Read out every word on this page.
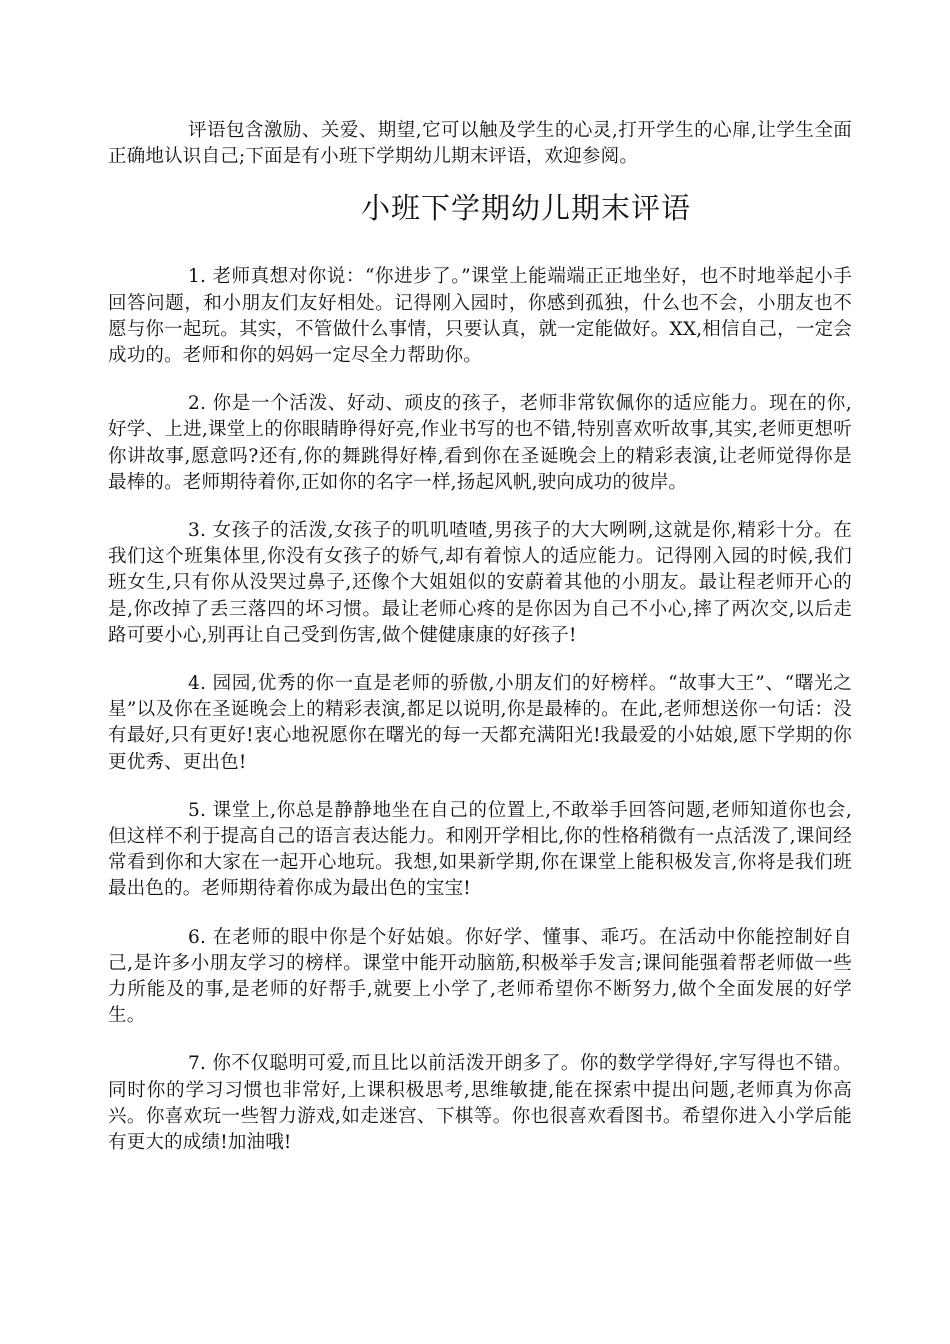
评语包含激励、关爱、期望,它可以触及学生的心灵,打开学生的心扉,让学生全面正确地认识自己;下面是有小班下学期幼儿期末评语，欢迎参阅。

小班下学期幼儿期末评语

1. 老师真想对你说：“你进步了。”课堂上能端端正正地坐好，也不时地举起小手回答问题，和小朋友们友好相处。记得刚入园时，你感到孤独，什么也不会，小朋友也不愿与你一起玩。其实，不管做什么事情，只要认真，就一定能做好。XX,相信自己，一定会成功的。老师和你的妈妈一定尽全力帮助你。

2. 你是一个活泼、好动、顽皮的孩子，老师非常钦佩你的适应能力。现在的你,好学、上进,课堂上的你眼睛睁得好亮,作业书写的也不错,特别喜欢听故事,其实,老师更想听你讲故事,愿意吗?还有,你的舞跳得好棒,看到你在圣诞晚会上的精彩表演,让老师觉得你是最棒的。老师期待着你,正如你的名字一样,扬起风帆,驶向成功的彼岸。

3. 女孩子的活泼,女孩子的叽叽喳喳,男孩子的大大咧咧,这就是你,精彩十分。在我们这个班集体里,你没有女孩子的娇气,却有着惊人的适应能力。记得刚入园的时候,我们班女生,只有你从没哭过鼻子,还像个大姐姐似的安蔚着其他的小朋友。最让程老师开心的是,你改掉了丢三落四的坏习惯。最让老师心疼的是你因为自己不小心,摔了两次交,以后走路可要小心,别再让自己受到伤害,做个健健康康的好孩子!

4. 园园,优秀的你一直是老师的骄傲,小朋友们的好榜样。“故事大王”、“曙光之星”以及你在圣诞晚会上的精彩表演,都足以说明,你是最棒的。在此,老师想送你一句话：没有最好,只有更好!衷心地祝愿你在曙光的每一天都充满阳光!我最爱的小姑娘,愿下学期的你更优秀、更出色!

5. 课堂上,你总是静静地坐在自己的位置上,不敢举手回答问题,老师知道你也会,但这样不利于提高自己的语言表达能力。和刚开学相比,你的性格稍微有一点活泼了,课间经常看到你和大家在一起开心地玩。我想,如果新学期,你在课堂上能积极发言,你将是我们班最出色的。老师期待着你成为最出色的宝宝!

6. 在老师的眼中你是个好姑娘。你好学、懂事、乖巧。在活动中你能控制好自己,是许多小朋友学习的榜样。课堂中能开动脑筋,积极举手发言;课间能强着帮老师做一些力所能及的事,是老师的好帮手,就要上小学了,老师希望你不断努力,做个全面发展的好学生。

7. 你不仅聪明可爱,而且比以前活泼开朗多了。你的数学学得好,字写得也不错。同时你的学习习惯也非常好,上课积极思考,思维敏捷,能在探索中提出问题,老师真为你高兴。你喜欢玩一些智力游戏,如走迷宫、下棋等。你也很喜欢看图书。希望你进入小学后能有更大的成绩!加油哦!
